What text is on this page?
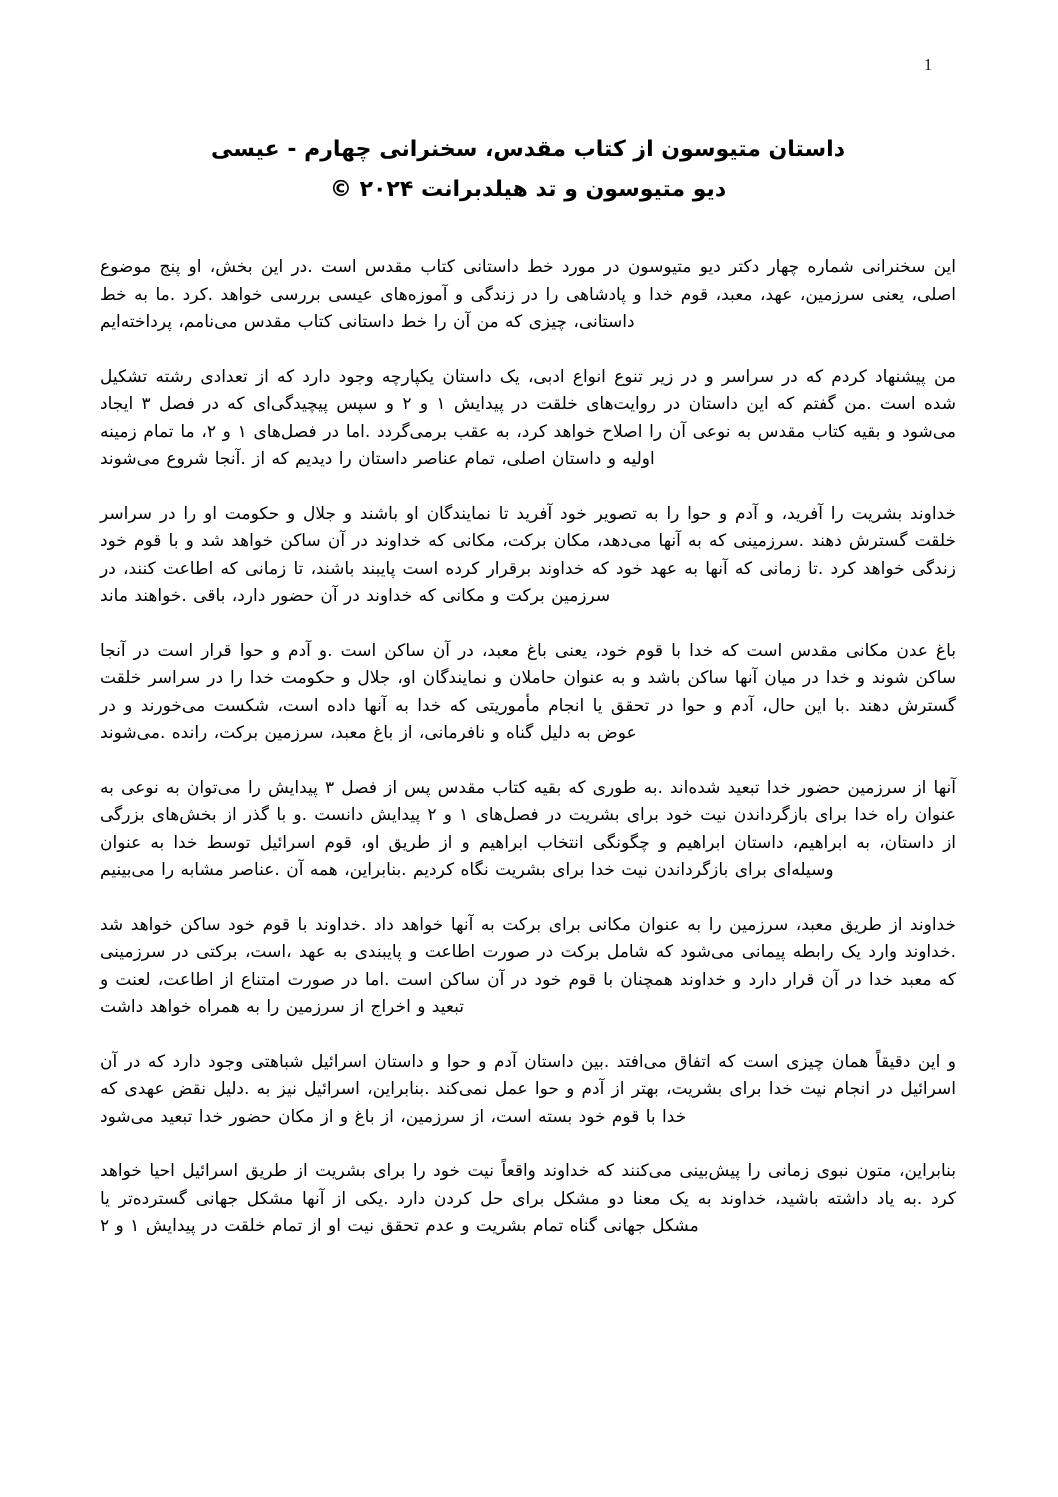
1
داستان متیوسون از کتاب مقدس، سخنرانی چهارم - عیسی
دیو متیوسون و تد هیلدبرانت ۲۰۲۴ ©

این سخنرانی شماره چهار دکتر دیو متیوسون در مورد خط داستانی کتاب مقدس است .در این بخش، او پنج موضوع اصلی، یعنی سرزمین، عهد، معبد، قوم خدا و پادشاهی را در زندگی و آموزه‌های عیسی بررسی خواهد .کرد .ما به خط داستانی، چیزی که من آن را خط داستانی کتاب مقدس می‌نامم، پرداخته‌ایم

من پیشنهاد کردم که در سراسر و در زیر تنوع انواع ادبی، یک داستان یکپارچه وجود دارد که از تعدادی رشته تشکیل شده است .من گفتم که این داستان در روایت‌های خلقت در پیدایش ۱ و ۲ و سپس پیچیدگی‌ای که در فصل ۳ ایجاد می‌شود و بقیه کتاب مقدس به نوعی آن را اصلاح خواهد کرد، به عقب برمی‌گردد .اما در فصل‌های ۱ و ۲، ما تمام زمینه اولیه و داستان اصلی، تمام عناصر داستان را دیدیم که از .آنجا شروع می‌شوند

خداوند بشریت را آفرید، و آدم و حوا را به تصویر خود آفرید تا نمایندگان او باشند و جلال و حکومت او را در سراسر خلقت گسترش دهند .سرزمینی که به آنها می‌دهد، مکان برکت، مکانی که خداوند در آن ساکن خواهد شد و با قوم خود زندگی خواهد کرد .تا زمانی که آنها به عهد خود که خداوند برقرار کرده است پایبند باشند، تا زمانی که اطاعت کنند، در سرزمین برکت و مکانی که خداوند در آن حضور دارد، باقی .خواهند ماند

باغ عدن مکانی مقدس است که خدا با قوم خود، یعنی باغ معبد، در آن ساکن است .و آدم و حوا قرار است در آنجا ساکن شوند و خدا در میان آنها ساکن باشد و به عنوان حاملان و نمایندگان او، جلال و حکومت خدا را در سراسر خلقت گسترش دهند .با این حال، آدم و حوا در تحقق یا انجام مأموریتی که خدا به آنها داده است، شکست می‌خورند و در عوض به دلیل گناه و نافرمانی، از باغ معبد، سرزمین برکت، رانده .می‌شوند

آنها از سرزمین حضور خدا تبعید شده‌اند .به طوری که بقیه کتاب مقدس پس از فصل ۳ پیدایش را می‌توان به نوعی به عنوان راه خدا برای بازگرداندن نیت خود برای بشریت در فصل‌های ۱ و ۲ پیدایش دانست .و با گذر از بخش‌های بزرگی از داستان، به ابراهیم، داستان ابراهیم و چگونگی انتخاب ابراهیم و از طریق او، قوم اسرائیل توسط خدا به عنوان وسیله‌ای برای بازگرداندن نیت خدا برای بشریت نگاه کردیم .بنابراین، همه آن .عناصر مشابه را می‌بینیم

خداوند از طریق معبد، سرزمین را به عنوان مکانی برای برکت به آنها خواهد داد .خداوند با قوم خود ساکن خواهد شد .خداوند وارد یک رابطه پیمانی می‌شود که شامل برکت در صورت اطاعت و پایبندی به عهد ،است، برکتی در سرزمینی که معبد خدا در آن قرار دارد و خداوند همچنان با قوم خود در آن ساکن است .اما در صورت امتناع از اطاعت، لعنت و تبعید و اخراج از سرزمین را به همراه خواهد داشت

و این دقیقاً همان چیزی است که اتفاق می‌افتد .بین داستان آدم و حوا و داستان اسرائیل شباهتی وجود دارد که در آن اسرائیل در انجام نیت خدا برای بشریت، بهتر از آدم و حوا عمل نمی‌کند .بنابراین، اسرائیل نیز به .دلیل نقض عهدی که خدا با قوم خود بسته است، از سرزمین، از باغ و از مکان حضور خدا تبعید می‌شود

بنابراین، متون نبوی زمانی را پیش‌بینی می‌کنند که خداوند واقعاً نیت خود را برای بشریت از طریق اسرائیل احیا خواهد کرد .به یاد داشته باشید، خداوند به یک معنا دو مشکل برای حل کردن دارد .یکی از آنها مشکل جهانی گسترده‌تر یا مشکل جهانی گناه تمام بشریت و عدم تحقق نیت او از تمام خلقت در پیدایش ۱ و ۲
